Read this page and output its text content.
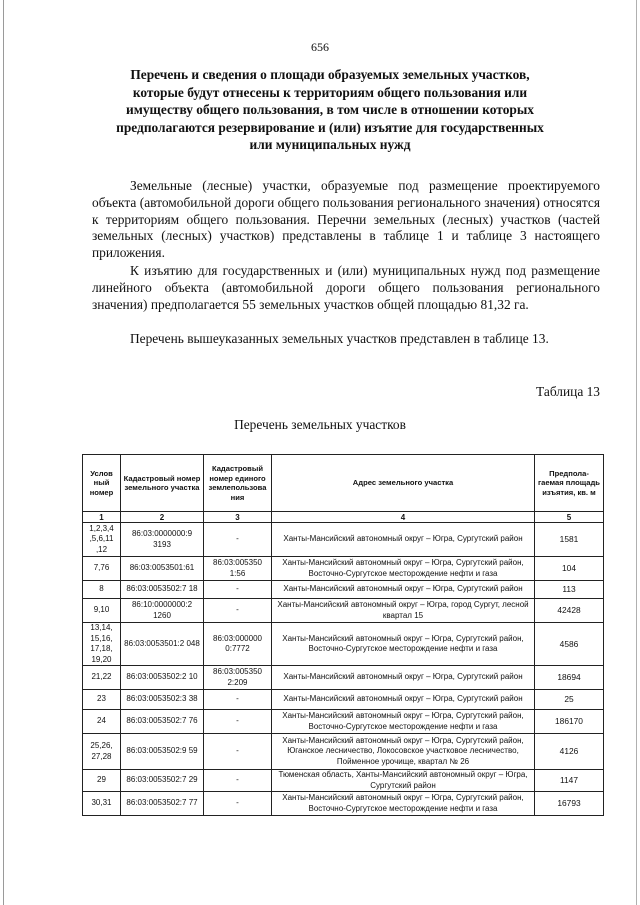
656
Перечень и сведения о площади образуемых земельных участков,
которые будут отнесены к территориям общего пользования или
имуществу общего пользования, в том числе в отношении которых
предполагаются резервирование и (или) изъятие для государственных
или муниципальных нужд
Земельные (лесные) участки, образуемые под размещение проектируемого объекта (автомобильной дороги общего пользования регионального значения) относятся к территориям общего пользования. Перечни земельных (лесных) участков (частей земельных (лесных) участков) представлены в таблице 1 и таблице 3 настоящего приложения.
К изъятию для государственных и (или) муниципальных нужд под размещение линейного объекта (автомобильной дороги общего пользования регионального значения) предполагается 55 земельных участков общей площадью 81,32 га.
Перечень вышеуказанных земельных участков представлен в таблице 13.
Таблица 13
Перечень земельных участков
Услов ный номер	Кадастровый номер земельного участка	Кадастровый номер единого землепользова ния	Адрес земельного участка	Предпола-гаемая площадь изъятия, кв. м
1	2	3	4	5
1,2,3,4 ,5,6,11 ,12	86:03:0000000:9 3193	-	Ханты-Мансийский автономный округ – Югра, Сургутский район	1581
7,76	86:03:0053501:61	86:03:005350 1:56	Ханты-Мансийский автономный округ – Югра, Сургутский район, Восточно-Сургутское месторождение нефти и газа	104
8	86:03:0053502:7 18	-	Ханты-Мансийский автономный округ – Югра, Сургутский район	113
9,10	86:10:0000000:2 1260	-	Ханты-Мансийский автономный округ – Югра, город Сургут, лесной квартал 15	42428
13,14, 15,16, 17,18, 19,20	86:03:0053501:2 048	86:03:000000 0:7772	Ханты-Мансийский автономный округ – Югра, Сургутский район, Восточно-Сургутское месторождение нефти и газа	4586
21,22	86:03:0053502:2 10	86:03:005350 2:209	Ханты-Мансийский автономный округ – Югра, Сургутский район	18694
23	86:03:0053502:3 38	-	Ханты-Мансийский автономный округ – Югра, Сургутский район	25
24	86:03:0053502:7 76	-	Ханты-Мансийский автономный округ – Югра, Сургутский район, Восточно-Сургутское месторождение нефти и газа	186170
25,26, 27,28	86:03:0053502:9 59	-	Ханты-Мансийский автономный округ – Югра, Сургутский район, Юганское лесничество, Локосовское участковое лесничество, Пойменное урочище, квартал № 26	4126
29	86:03:0053502:7 29	-	Тюменская область, Ханты-Мансийский автономный округ – Югра, Сургутский район	1147
30,31	86:03:0053502:7 77	-	Ханты-Мансийский автономный округ – Югра, Сургутский район, Восточно-Сургутское месторождение нефти и газа	16793
